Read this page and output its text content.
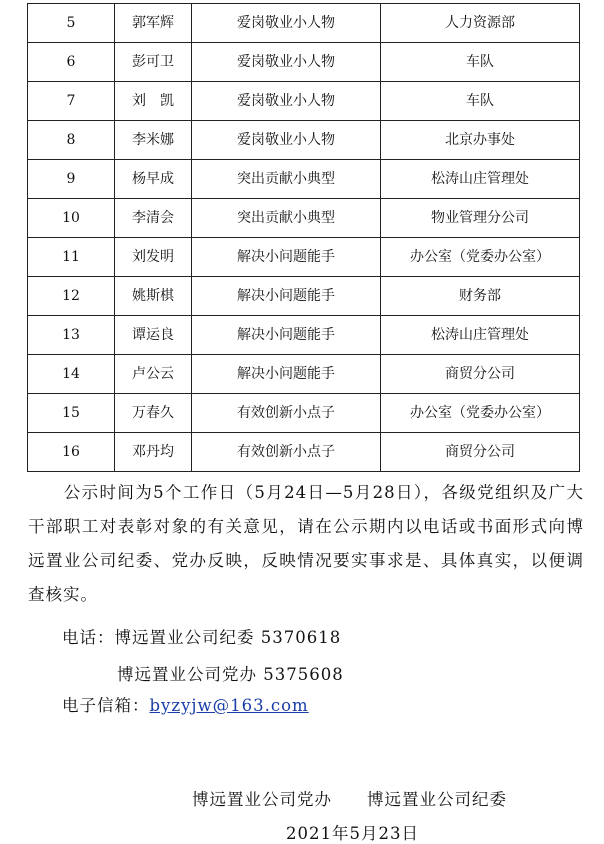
5	郭军辉	爱岗敬业小人物	人力资源部
6	彭可卫	爱岗敬业小人物	车队
7	刘　凯	爱岗敬业小人物	车队
8	李米娜	爱岗敬业小人物	北京办事处
9	杨早成	突出贡献小典型	松涛山庄管理处
10	李清会	突出贡献小典型	物业管理分公司
11	刘发明	解决小问题能手	办公室（党委办公室）
12	姚斯棋	解决小问题能手	财务部
13	谭运良	解决小问题能手	松涛山庄管理处
14	卢公云	解决小问题能手	商贸分公司
15	万春久	有效创新小点子	办公室（党委办公室）
16	邓丹均	有效创新小点子	商贸分公司

　　公示时间为5个工作日（5月24日—5月28日），各级党组织及广大干部职工对表彰对象的有关意见，请在公示期内以电话或书面形式向博远置业公司纪委、党办反映，反映情况要实事求是、具体真实，以便调查核实。

电话：博远置业公司纪委 5370618
博远置业公司党办 5375608
电子信箱：byzyjw@163.com
博远置业公司党办　　博远置业公司纪委
2021年5月23日
